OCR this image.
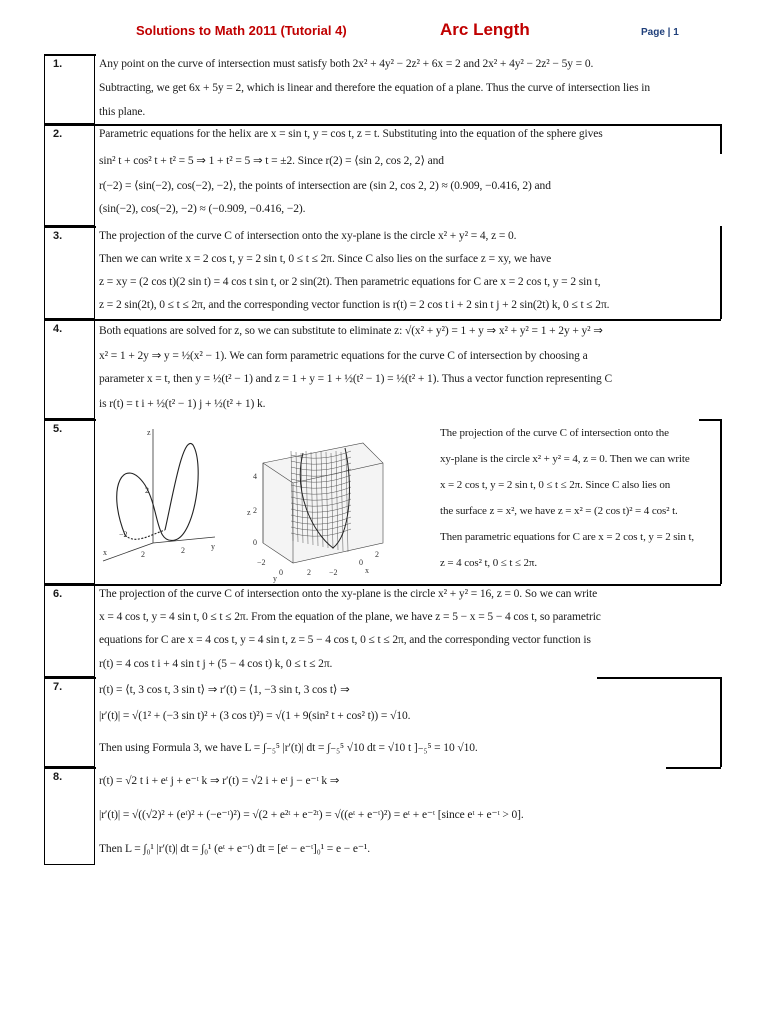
Solutions to Math 2011 (Tutorial 4)	Arc Length	Page | 1
1.	Any point on the curve of intersection must satisfy both 2x² + 4y² − 2z² + 6x = 2 and 2x² + 4y² − 2z² − 5y = 0.
Subtracting, we get 6x + 5y = 2, which is linear and therefore the equation of a plane. Thus the curve of intersection lies in
this plane.
2.	Parametric equations for the helix are x = sin t, y = cos t, z = t. Substituting into the equation of the sphere gives
sin² t + cos² t + t² = 5 ⇒ 1 + t² = 5 ⇒ t = ±2. Since r(2) = ⟨sin 2, cos 2, 2⟩ and
r(−2) = ⟨sin(−2), cos(−2), −2⟩, the points of intersection are (sin 2, cos 2, 2) ≈ (0.909, −0.416, 2) and
(sin(−2), cos(−2), −2) ≈ (−0.909, −0.416, −2).
3.	The projection of the curve C of intersection onto the xy-plane is the circle x² + y² = 4, z = 0.
Then we can write x = 2 cos t, y = 2 sin t, 0 ≤ t ≤ 2π. Since C also lies on the surface z = xy, we have
z = xy = (2 cos t)(2 sin t) = 4 cos t sin t, or 2 sin(2t). Then parametric equations for C are x = 2 cos t, y = 2 sin t,
z = 2 sin(2t), 0 ≤ t ≤ 2π, and the corresponding vector function is r(t) = 2 cos t i + 2 sin t j + 2 sin(2t) k, 0 ≤ t ≤ 2π.
4.	Both equations are solved for z, so we can substitute to eliminate z: √(x² + y²) = 1 + y ⇒ x² + y² = 1 + 2y + y² ⇒
x² = 1 + 2y ⇒ y = ½(x² − 1). We can form parametric equations for the curve C of intersection by choosing a
parameter x = t, then y = ½(t² − 1) and z = 1 + y = 1 + ½(t² − 1) = ½(t² + 1). Thus a vector function representing C
is r(t) = t i + ½(t² − 1) j + ½(t² + 1) k.
5.	z
2
−2
2	2	y
x
z
4
2
0
−2
0	2
y
−2
0
2
x
The projection of the curve C of intersection onto the
xy-plane is the circle x² + y² = 4, z = 0. Then we can write
x = 2 cos t, y = 2 sin t, 0 ≤ t ≤ 2π. Since C also lies on
the surface z = x², we have z = x² = (2 cos t)² = 4 cos² t.
Then parametric equations for C are x = 2 cos t, y = 2 sin t,
z = 4 cos² t, 0 ≤ t ≤ 2π.
6.	The projection of the curve C of intersection onto the xy-plane is the circle x² + y² = 16, z = 0. So we can write
x = 4 cos t, y = 4 sin t, 0 ≤ t ≤ 2π. From the equation of the plane, we have z = 5 − x = 5 − 4 cos t, so parametric
equations for C are x = 4 cos t, y = 4 sin t, z = 5 − 4 cos t, 0 ≤ t ≤ 2π, and the corresponding vector function is
r(t) = 4 cos t i + 4 sin t j + (5 − 4 cos t) k, 0 ≤ t ≤ 2π.
7.	r(t) = ⟨t, 3 cos t, 3 sin t⟩ ⇒ r′(t) = ⟨1, −3 sin t, 3 cos t⟩ ⇒
|r′(t)| = √(1² + (−3 sin t)² + (3 cos t)²) = √(1 + 9(sin² t + cos² t)) = √10.
Then using Formula 3, we have L = ∫₋₅⁵ |r′(t)| dt = ∫₋₅⁵ √10 dt = √10 t ]₋₅⁵ = 10 √10.
8.	r(t) = √2 t i + eᵗ j + e⁻ᵗ k ⇒ r′(t) = √2 i + eᵗ j − e⁻ᵗ k ⇒
|r′(t)| = √((√2)² + (eᵗ)² + (−e⁻ᵗ)²) = √(2 + e²ᵗ + e⁻²ᵗ) = √((eᵗ + e⁻ᵗ)²) = eᵗ + e⁻ᵗ [since eᵗ + e⁻ᵗ > 0].
Then L = ∫₀¹ |r′(t)| dt = ∫₀¹ (eᵗ + e⁻ᵗ) dt = [eᵗ − e⁻ᵗ]₀¹ = e − e⁻¹.
